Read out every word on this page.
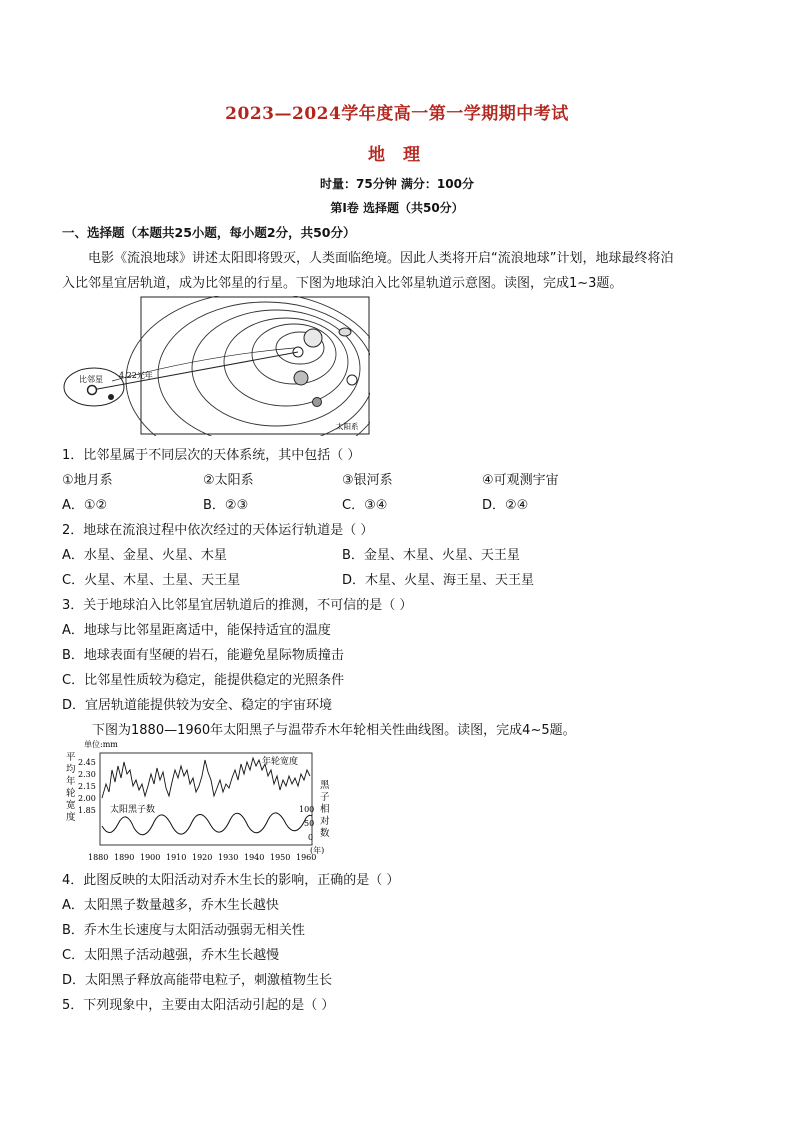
2023—2024学年度高一第一学期期中考试
地 理
时量：75分钟 满分：100分
第Ⅰ卷 选择题（共50分）
一、选择题（本题共25小题，每小题2分，共50分）
电影《流浪地球》讲述太阳即将毁灭，人类面临绝境。因此人类将开启“流浪地球”计划，地球最终将泊
入比邻星宜居轨道，成为比邻星的行星。下图为地球泊入比邻星轨道示意图。读图，完成1~3题。
比邻星 4.22光年
太阳系
1．比邻星属于不同层次的天体系统，其中包括（ ）
①地月系	②太阳系	③银河系	④可观测宇宙
A．①②	B．②③	C．③④	D．②④
2．地球在流浪过程中依次经过的天体运行轨道是（ ）
A．水星、金星、火星、木星	B．金星、木星、火星、天王星
C．火星、木星、土星、天王星	D．木星、火星、海王星、天王星
3．关于地球泊入比邻星宜居轨道后的推测，不可信的是（ ）
A．地球与比邻星距离适中，能保持适宜的温度
B．地球表面有坚硬的岩石，能避免星际物质撞击
C．比邻星性质较为稳定，能提供稳定的光照条件
D．宜居轨道能提供较为安全、稳定的宇宙环境
下图为1880—1960年太阳黑子与温带乔木年轮相关性曲线图。读图，完成4~5题。
单位:mm
平
均
年
轮
宽
度
2.45
2.30
2.15
2.00
1.85
年轮宽度
太阳黑子数
黑
子
相
对
数
100
50
0
(年)
1880 1890 1900 1910 1920 1930 1940 1950 1960
4．此图反映的太阳活动对乔木生长的影响，正确的是（ ）
A．太阳黑子数量越多，乔木生长越快
B．乔木生长速度与太阳活动强弱无相关性
C．太阳黑子活动越强，乔木生长越慢
D．太阳黑子释放高能带电粒子，刺激植物生长
5．下列现象中，主要由太阳活动引起的是（ ）
